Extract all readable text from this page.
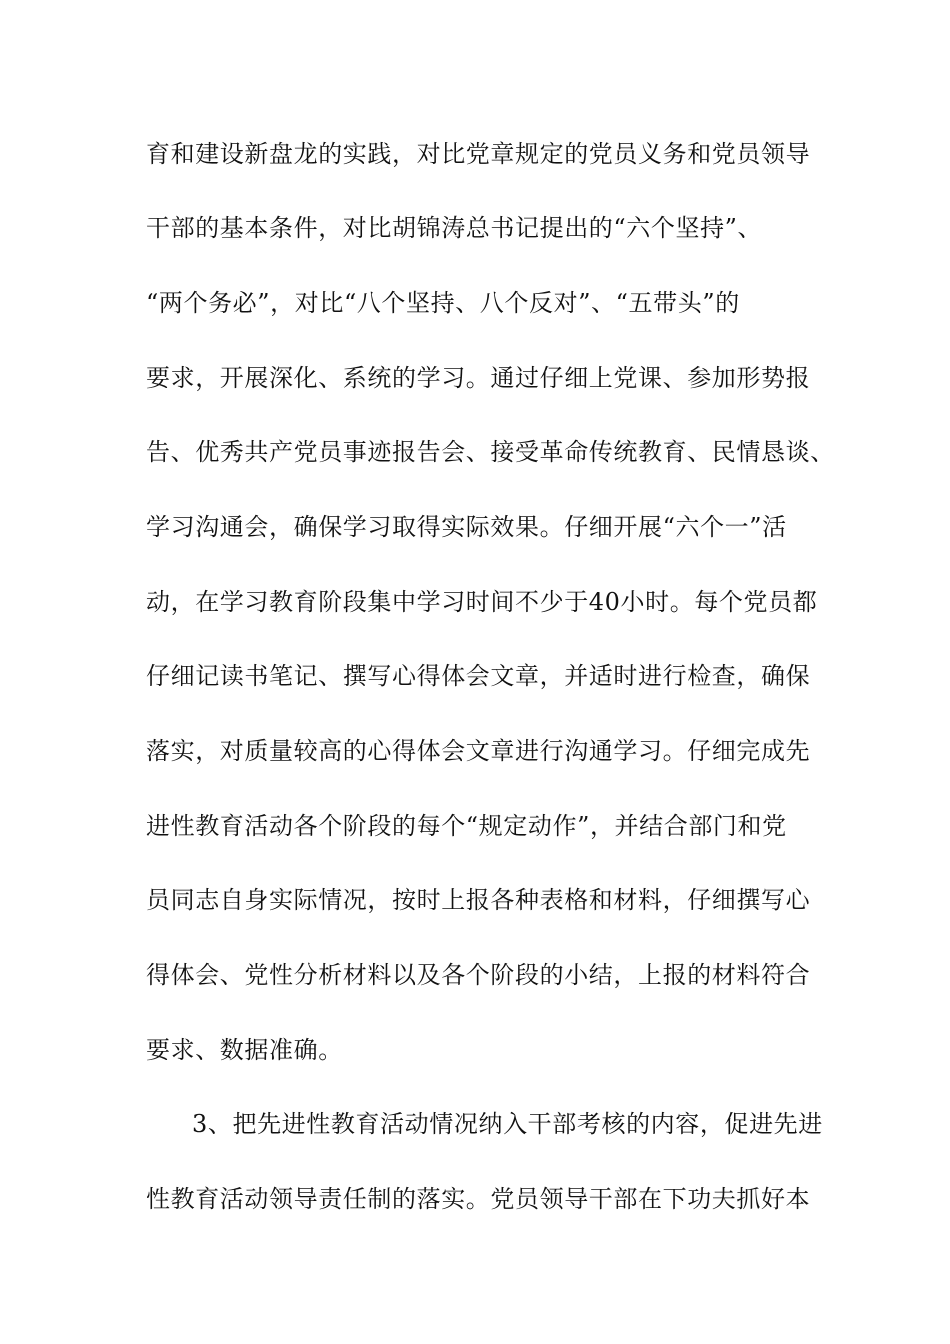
育和建设新盘龙的实践，对比党章规定的党员义务和党员领导
干部的基本条件，对比胡锦涛总书记提出的“六个坚持”、
“两个务必”，对比“八个坚持、八个反对”、“五带头”的
要求，开展深化、系统的学习。通过仔细上党课、参加形势报
告、优秀共产党员事迹报告会、接受革命传统教育、民情恳谈、
学习沟通会，确保学习取得实际效果。仔细开展“六个一”活
动，在学习教育阶段集中学习时间不少于40小时。每个党员都
仔细记读书笔记、撰写心得体会文章，并适时进行检查，确保
落实，对质量较高的心得体会文章进行沟通学习。仔细完成先
进性教育活动各个阶段的每个“规定动作”，并结合部门和党
员同志自身实际情况，按时上报各种表格和材料，仔细撰写心
得体会、党性分析材料以及各个阶段的小结，上报的材料符合
要求、数据准确。
3、把先进性教育活动情况纳入干部考核的内容，促进先进
性教育活动领导责任制的落实。党员领导干部在下功夫抓好本
